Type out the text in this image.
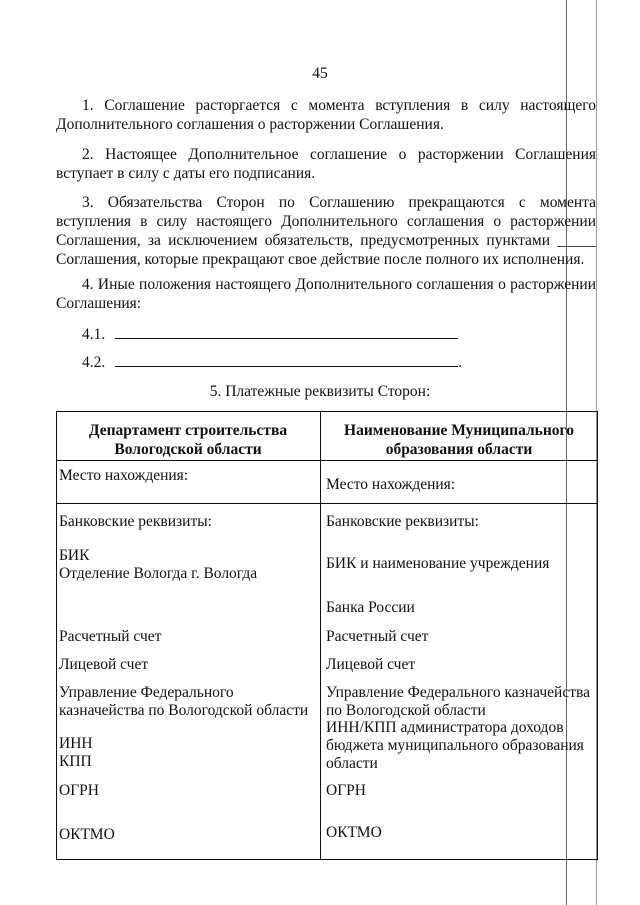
45

1. Соглашение расторгается с момента вступления в силу настоящего Дополнительного соглашения о расторжении Соглашения.

2. Настоящее Дополнительное соглашение о расторжении Соглашения вступает в силу с даты его подписания.

3. Обязательства Сторон по Соглашению прекращаются с момента вступления в силу настоящего Дополнительного соглашения о расторжении Соглашения, за исключением обязательств, предусмотренных пунктами _____ Соглашения, которые прекращают свое действие после полного их исполнения.

4. Иные положения настоящего Дополнительного соглашения о расторжении Соглашения:

4.1.
4.2.	.
5. Платежные реквизиты Сторон:
Департамент строительства Вологодской области
Наименование Муниципального образования области
Место нахождения:
Банковские реквизиты:
БИК
Отделение Вологда г. Вологда
Расчетный счет
Лицевой счет
Управление Федерального казначейства по Вологодской области
ИНН
КПП
ОГРН
ОКТМО
Место нахождения:
Банковские реквизиты:
БИК и наименование учреждения
Банка России
Расчетный счет
Лицевой счет
Управление Федерального казначейства по Вологодской области
ИНН/КПП администратора доходов бюджета муниципального образования области
ОГРН
ОКТМО
